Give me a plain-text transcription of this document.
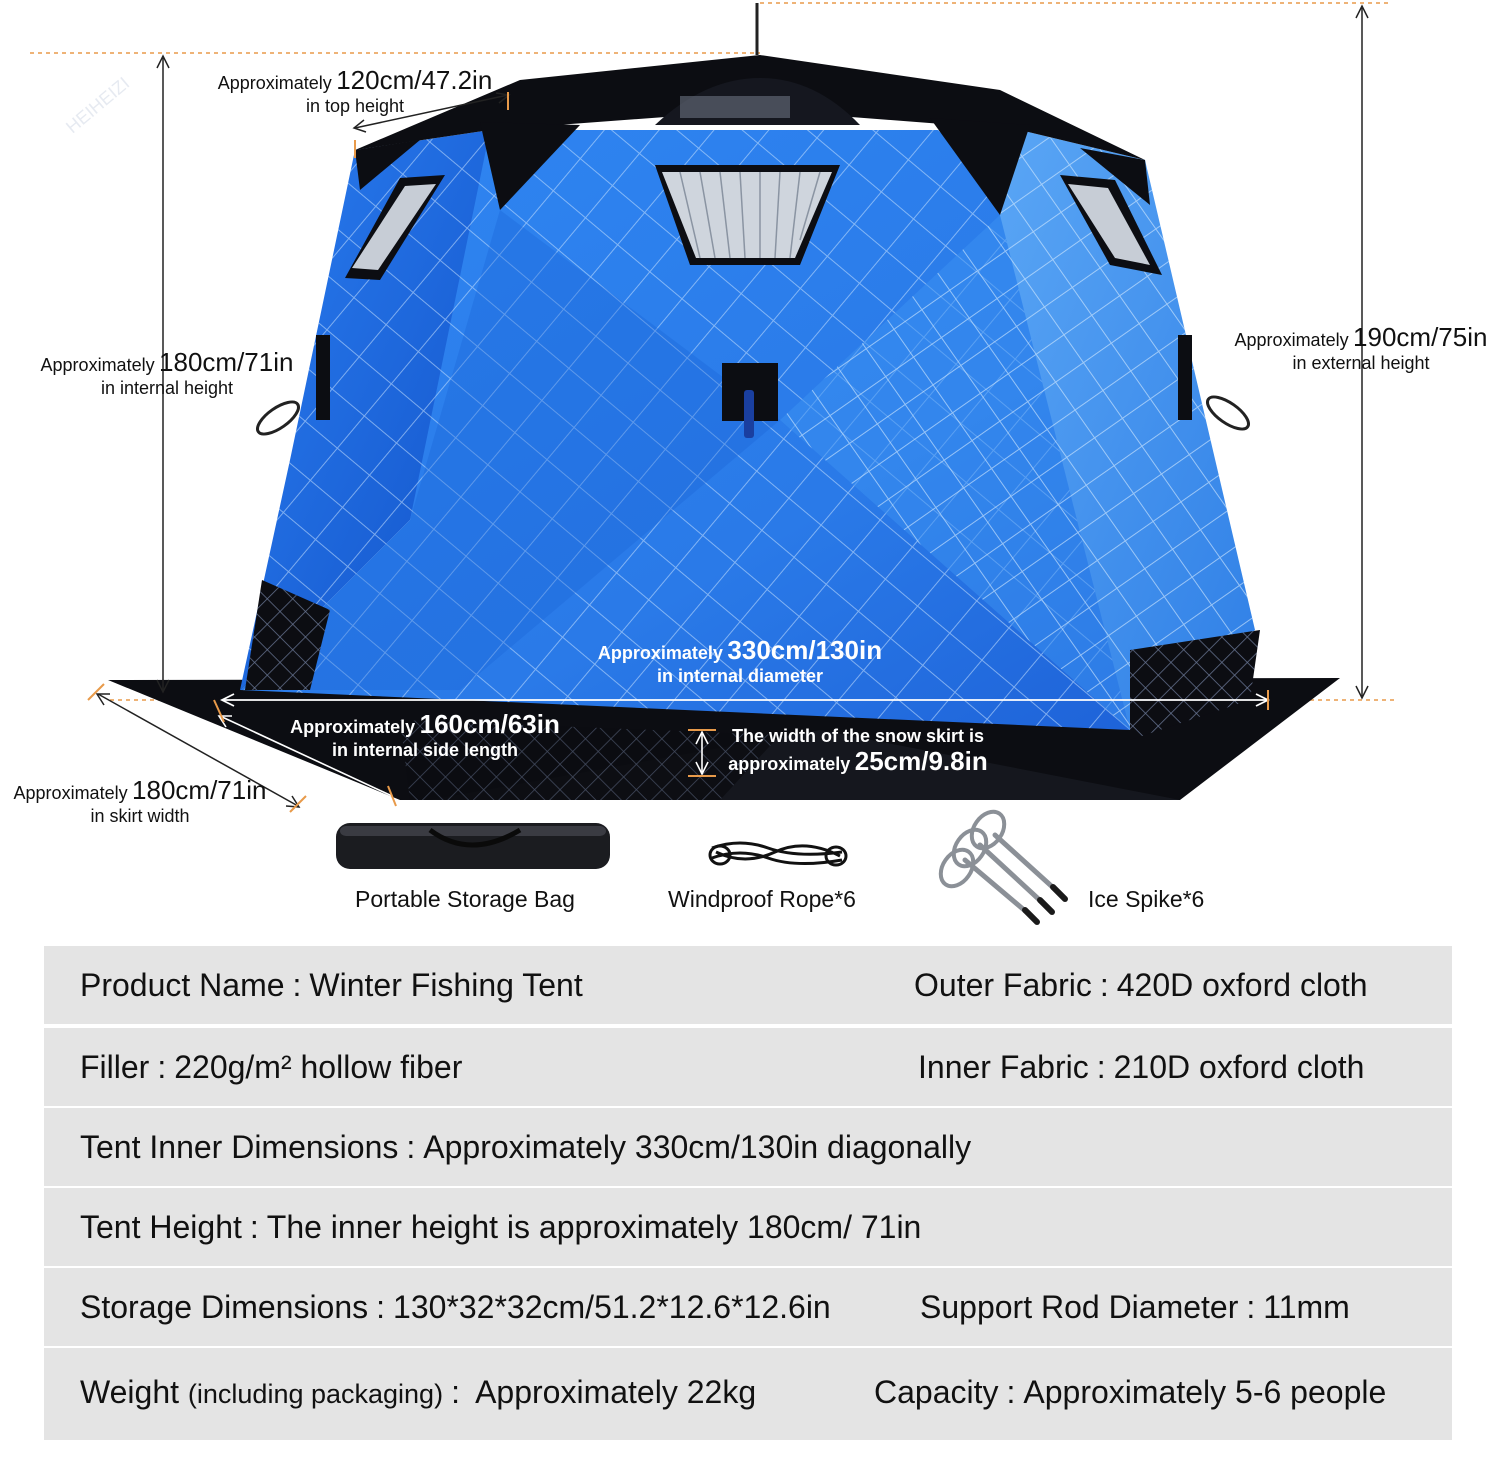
HEIHEIZI	Approximately 120cm/47.2in
in top height
Approximately 180cm/71in
in internal height
Approximately 190cm/75in
in external height
Approximately 330cm/130in
in internal diameter
Approximately 160cm/63in
in internal side length
The width of the snow skirt is
approximately 25cm/9.8in
Approximately 180cm/71in
in skirt width
Portable Storage Bag	Windproof Rope*6	Ice Spike*6
Product Name : Winter Fishing Tent	Outer Fabric : 420D oxford cloth
Filler : 220g/m² hollow fiber	Inner Fabric : 210D oxford cloth
Tent Inner Dimensions : Approximately 330cm/130in diagonally
Tent Height : The inner height is approximately 180cm/ 71in
Storage Dimensions : 130*32*32cm/51.2*12.6*12.6in	Support Rod Diameter : 11mm
Weight (including packaging) : Approximately 22kg	Capacity : Approximately 5-6 people
